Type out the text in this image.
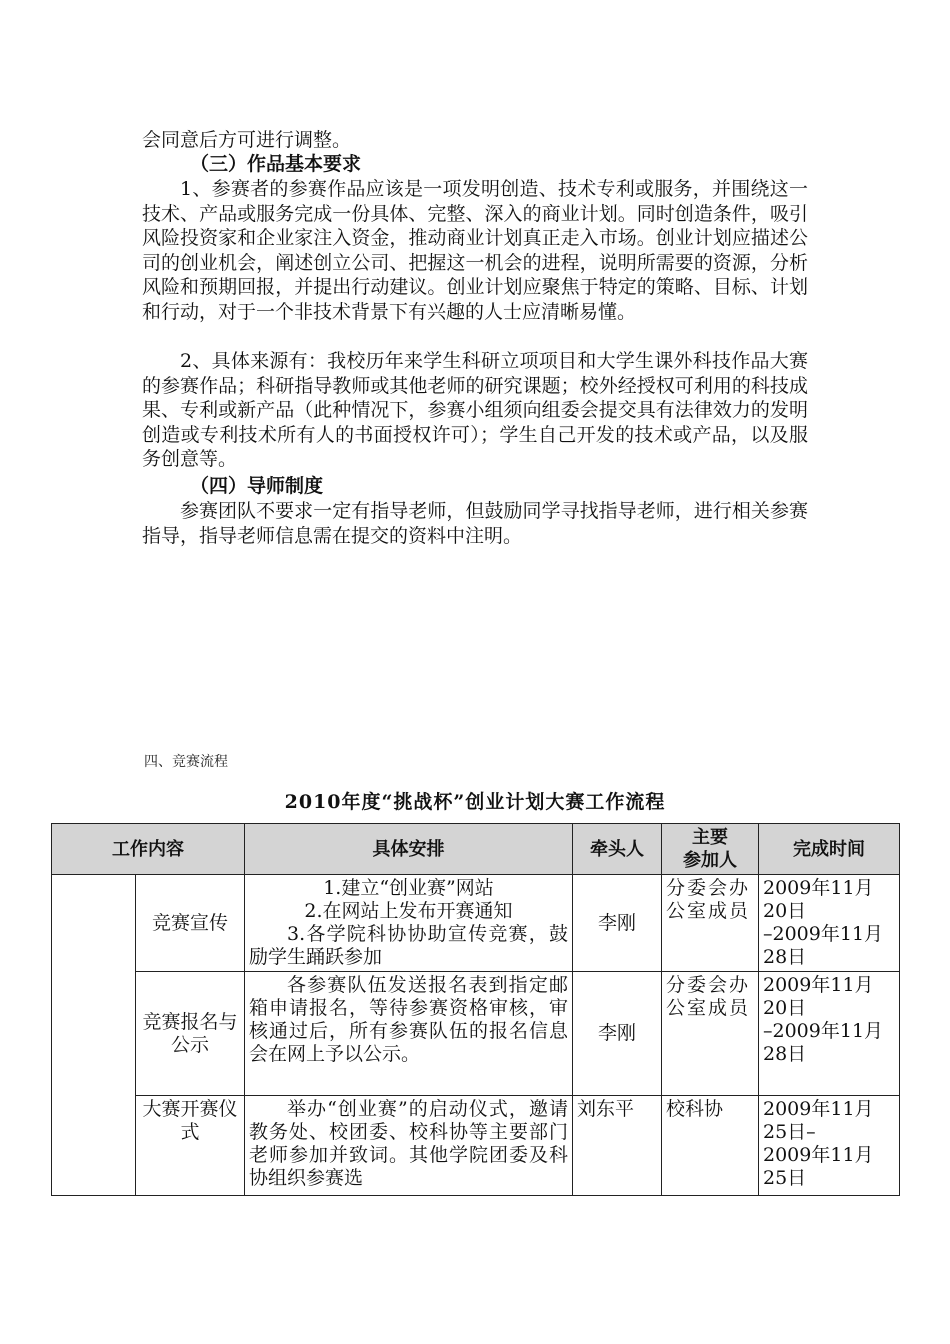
会同意后方可进行调整。
（三）作品基本要求
1、参赛者的参赛作品应该是一项发明创造、技术专利或服务，并围绕这一技术、产品或服务完成一份具体、完整、深入的商业计划。同时创造条件，吸引风险投资家和企业家注入资金，推动商业计划真正走入市场。创业计划应描述公司的创业机会，阐述创立公司、把握这一机会的进程，说明所需要的资源，分析风险和预期回报，并提出行动建议。创业计划应聚焦于特定的策略、目标、计划和行动，对于一个非技术背景下有兴趣的人士应清晰易懂。
2、具体来源有：我校历年来学生科研立项项目和大学生课外科技作品大赛的参赛作品；科研指导教师或其他老师的研究课题；校外经授权可利用的科技成果、专利或新产品（此种情况下，参赛小组须向组委会提交具有法律效力的发明创造或专利技术所有人的书面授权许可）；学生自己开发的技术或产品，以及服务创意等。
（四）导师制度
参赛团队不要求一定有指导老师，但鼓励同学寻找指导老师，进行相关参赛指导，指导老师信息需在提交的资料中注明。
四、竞赛流程
2010年度“挑战杯”创业计划大赛工作流程
工作内容		具体安排	牵头人	主要
参加人	完成时间
	竞赛宣传	1.建立“创业赛”网站
2.在网站上发布开赛通知
3.各学院科协协助宣传竞赛，鼓励学生踊跃参加	李刚	分委会办公室成员	2009年11月
20日
–2009年11月
28日

	竞赛报名与公示	各参赛队伍发送报名表到指定邮箱申请报名，等待参赛资格审核，审核通过后，所有参赛队伍的报名信息会在网上予以公示。	李刚	分委会办公室成员	2009年11月
20日
–2009年11月
28日

	大赛开赛仪式	举办“创业赛”的启动仪式，邀请教务处、校团委、校科协等主要部门老师参加并致词。其他学院团委及科协组织参赛选	刘东平	校科协	2009年11月
25日–
2009年11月
25日
